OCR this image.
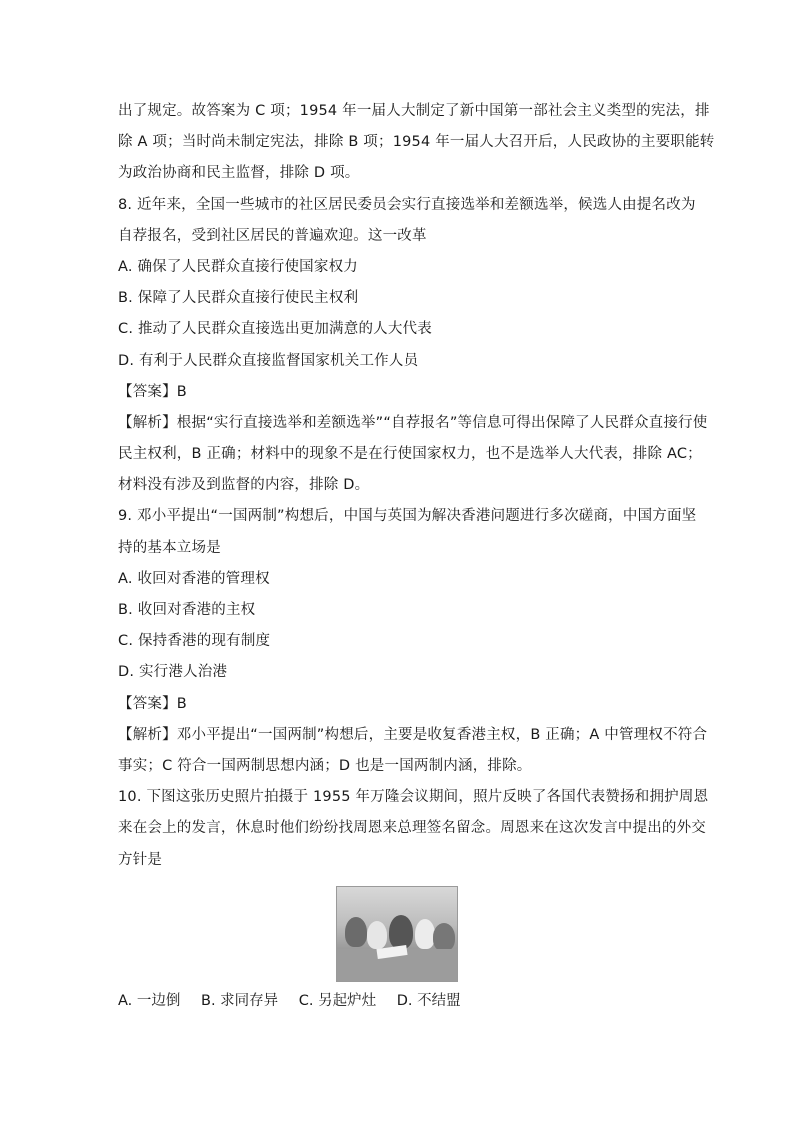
出了规定。故答案为 C 项；1954 年一届人大制定了新中国第一部社会主义类型的宪法，排
除 A 项；当时尚未制定宪法，排除 B 项；1954 年一届人大召开后，人民政协的主要职能转
为政治协商和民主监督，排除 D 项。
8. 近年来，全国一些城市的社区居民委员会实行直接选举和差额选举，候选人由提名改为
自荐报名，受到社区居民的普遍欢迎。这一改革
A. 确保了人民群众直接行使国家权力
B. 保障了人民群众直接行使民主权利
C. 推动了人民群众直接选出更加满意的人大代表
D. 有利于人民群众直接监督国家机关工作人员
【答案】B
【解析】根据“实行直接选举和差额选举”“自荐报名”等信息可得出保障了人民群众直接行使
民主权利，B 正确；材料中的现象不是在行使国家权力，也不是选举人大代表，排除 AC；
材料没有涉及到监督的内容，排除 D。
9. 邓小平提出“一国两制”构想后，中国与英国为解决香港问题进行多次磋商，中国方面坚
持的基本立场是
A. 收回对香港的管理权
B. 收回对香港的主权
C. 保持香港的现有制度
D. 实行港人治港
【答案】B
【解析】邓小平提出“一国两制”构想后，主要是收复香港主权，B 正确；A 中管理权不符合
事实；C 符合一国两制思想内涵；D 也是一国两制内涵，排除。
10. 下图这张历史照片拍摄于 1955 年万隆会议期间，照片反映了各国代表赞扬和拥护周恩
来在会上的发言，休息时他们纷纷找周恩来总理签名留念。周恩来在这次发言中提出的外交
方针是
A. 一边倒 B. 求同存异 C. 另起炉灶 D. 不结盟
